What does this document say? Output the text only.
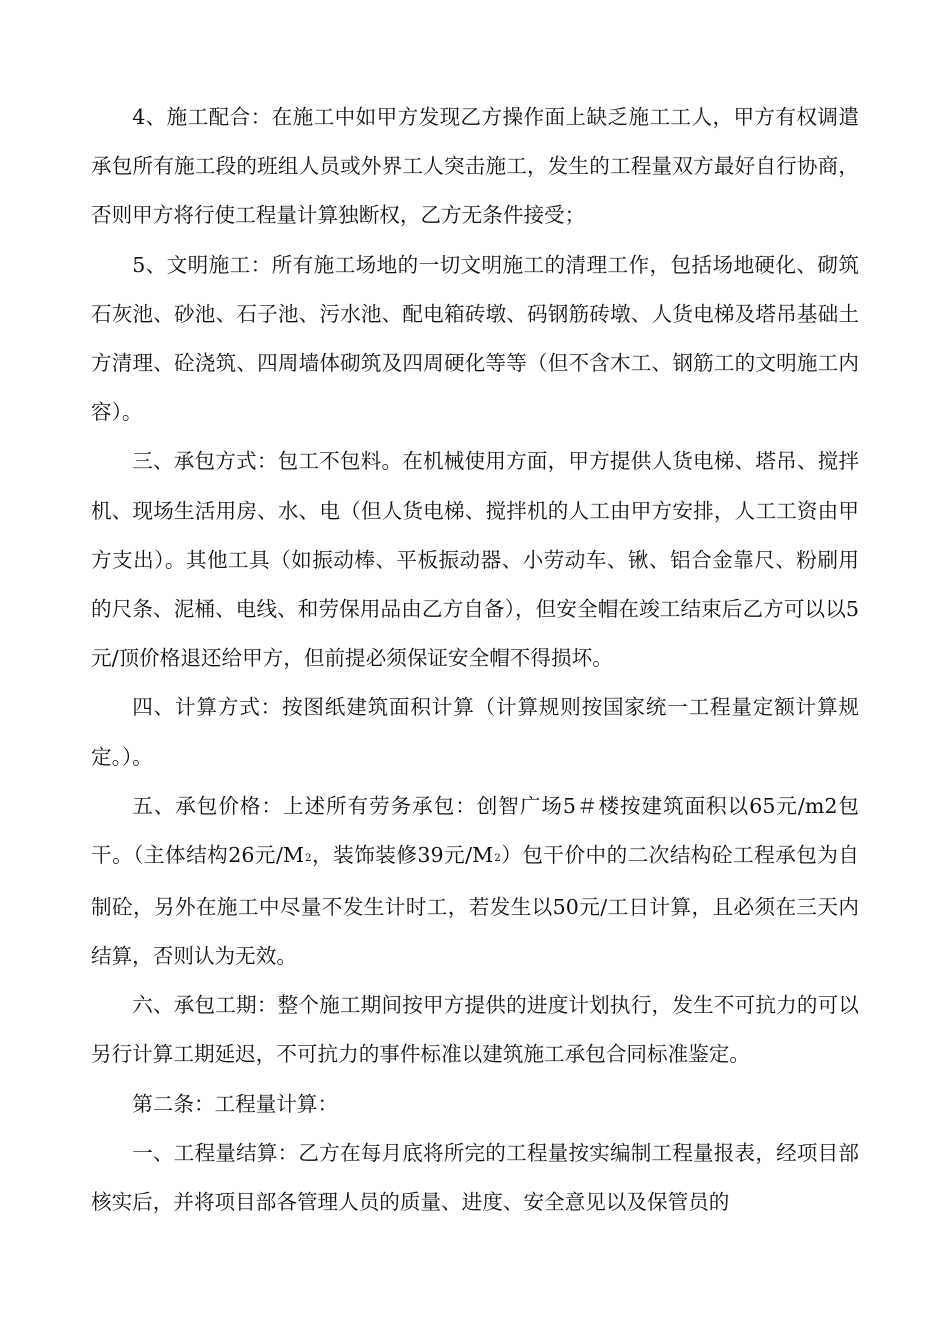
4、施工配合：在施工中如甲方发现乙方操作面上缺乏施工工人，甲方有权调遣承包所有施工段的班组人员或外界工人突击施工，发生的工程量双方最好自行协商，否则甲方将行使工程量计算独断权，乙方无条件接受；

5、文明施工：所有施工场地的一切文明施工的清理工作，包括场地硬化、砌筑石灰池、砂池、石子池、污水池、配电箱砖墩、码钢筋砖墩、人货电梯及塔吊基础土方清理、砼浇筑、四周墙体砌筑及四周硬化等等（但不含木工、钢筋工的文明施工内容）。

三、承包方式：包工不包料。在机械使用方面，甲方提供人货电梯、塔吊、搅拌机、现场生活用房、水、电（但人货电梯、搅拌机的人工由甲方安排，人工工资由甲方支出）。其他工具（如振动棒、平板振动器、小劳动车、锹、铝合金靠尺、粉刷用的尺条、泥桶、电线、和劳保用品由乙方自备），但安全帽在竣工结束后乙方可以以5元/顶价格退还给甲方，但前提必须保证安全帽不得损坏。

四、计算方式：按图纸建筑面积计算（计算规则按国家统一工程量定额计算规定。）。

五、承包价格：上述所有劳务承包：创智广场5＃楼按建筑面积以65元/m2包干。（主体结构26元/M2，装饰装修39元/M2）包干价中的二次结构砼工程承包为自制砼，另外在施工中尽量不发生计时工，若发生以50元/工日计算，且必须在三天内结算，否则认为无效。

六、承包工期：整个施工期间按甲方提供的进度计划执行，发生不可抗力的可以另行计算工期延迟，不可抗力的事件标准以建筑施工承包合同标准鉴定。

第二条：工程量计算：

一、工程量结算：乙方在每月底将所完的工程量按实编制工程量报表，经项目部核实后，并将项目部各管理人员的质量、进度、安全意见以及保管员的
